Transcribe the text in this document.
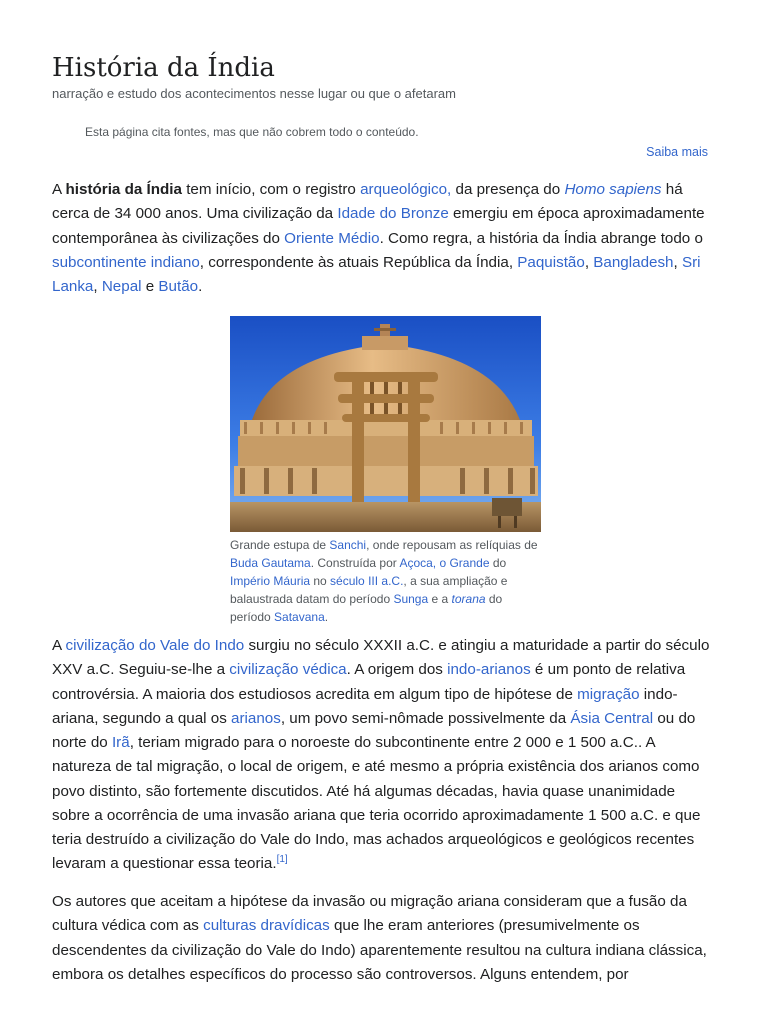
História da Índia
narração e estudo dos acontecimentos nesse lugar ou que o afetaram
Esta página cita fontes, mas que não cobrem todo o conteúdo.
Saiba mais

A história da Índia tem início, com o registro arqueológico, da presença do Homo sapiens há cerca de 34 000 anos. Uma civilização da Idade do Bronze emergiu em época aproximadamente contemporânea às civilizações do Oriente Médio. Como regra, a história da Índia abrange todo o subcontinente indiano, correspondente às atuais República da Índia, Paquistão, Bangladesh, Sri Lanka, Nepal e Butão.

Grande estupa de Sanchi, onde repousam as relíquias de Buda Gautama. Construída por Açoca, o Grande do Império Máuria no século III a.C., a sua ampliação e balaustrada datam do período Sunga e a torana do período Satavana.

A civilização do Vale do Indo surgiu no século XXXII a.C. e atingiu a maturidade a partir do século XXV a.C. Seguiu-se-lhe a civilização védica. A origem dos indo-arianos é um ponto de relativa controvérsia. A maioria dos estudiosos acredita em algum tipo de hipótese de migração indo-ariana, segundo a qual os arianos, um povo semi-nômade possivelmente da Ásia Central ou do norte do Irã, teriam migrado para o noroeste do subcontinente entre 2 000 e 1 500 a.C.. A natureza de tal migração, o local de origem, e até mesmo a própria existência dos arianos como povo distinto, são fortemente discutidos. Até há algumas décadas, havia quase unanimidade sobre a ocorrência de uma invasão ariana que teria ocorrido aproximadamente 1 500 a.C. e que teria destruído a civilização do Vale do Indo, mas achados arqueológicos e geológicos recentes levaram a questionar essa teoria.[1]

Os autores que aceitam a hipótese da invasão ou migração ariana consideram que a fusão da cultura védica com as culturas dravídicas que lhe eram anteriores (presumivelmente os descendentes da civilização do Vale do Indo) aparentemente resultou na cultura indiana clássica, embora os detalhes específicos do processo são controversos. Alguns entendem, por
